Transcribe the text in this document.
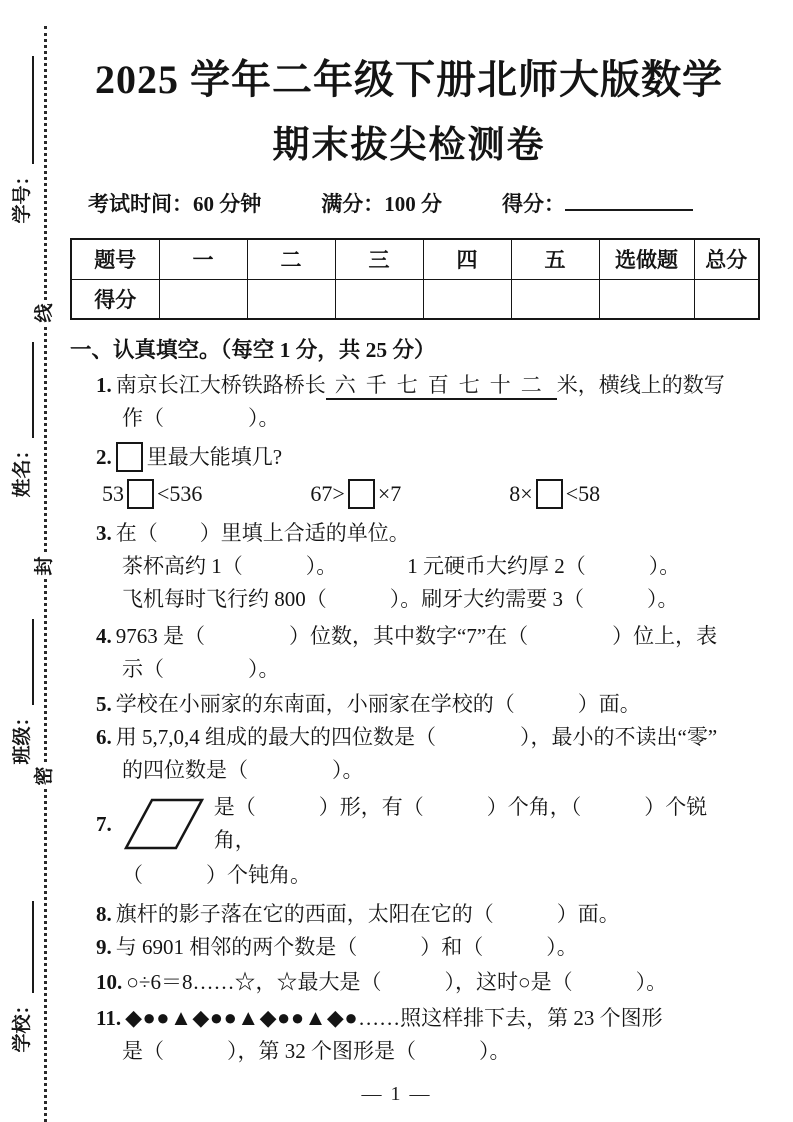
线
封
密
学号：
姓名：
班级：
学校：
2025 学年二年级下册北师大版数学
期末拔尖检测卷
考试时间：60 分钟	满分：100 分	得分：
题号	一	二	三	四	五	选做题	总分
得分							
一、认真填空。（每空 1 分，共 25 分）
1. 南京长江大桥铁路桥长 六千七百七十二 米，横线上的数写
作（　　　　）。
2. 里最大能填几?
53 <536	67> ×7	8× <58
3. 在（　　）里填上合适的单位。
茶杯高约 1（　　　）。	1 元硬币大约厚 2（　　　）。
飞机每时飞行约 800（　　　）。刷牙大约需要 3（　　　）。
4. 9763 是（　　　　）位数，其中数字“7”在（　　　　）位上，表
示（　　　　）。
5. 学校在小丽家的东南面，小丽家在学校的（　　　）面。
6. 用 5,7,0,4 组成的最大的四位数是（　　　　），最小的不读出“零”
的四位数是（　　　　）。
7.
是（　　　）形，有（　　　）个角，（　　　）个锐角，
（　　　）个钝角。
8. 旗杆的影子落在它的西面，太阳在它的（　　　）面。
9. 与 6901 相邻的两个数是（　　　）和（　　　）。
10. ○÷6＝8……☆，☆最大是（　　　），这时○是（　　　）。
11. ◆●●▲◆●●▲◆●●▲◆●……照这样排下去，第 23 个图形
是（　　　），第 32 个图形是（　　　）。
— 1 —
